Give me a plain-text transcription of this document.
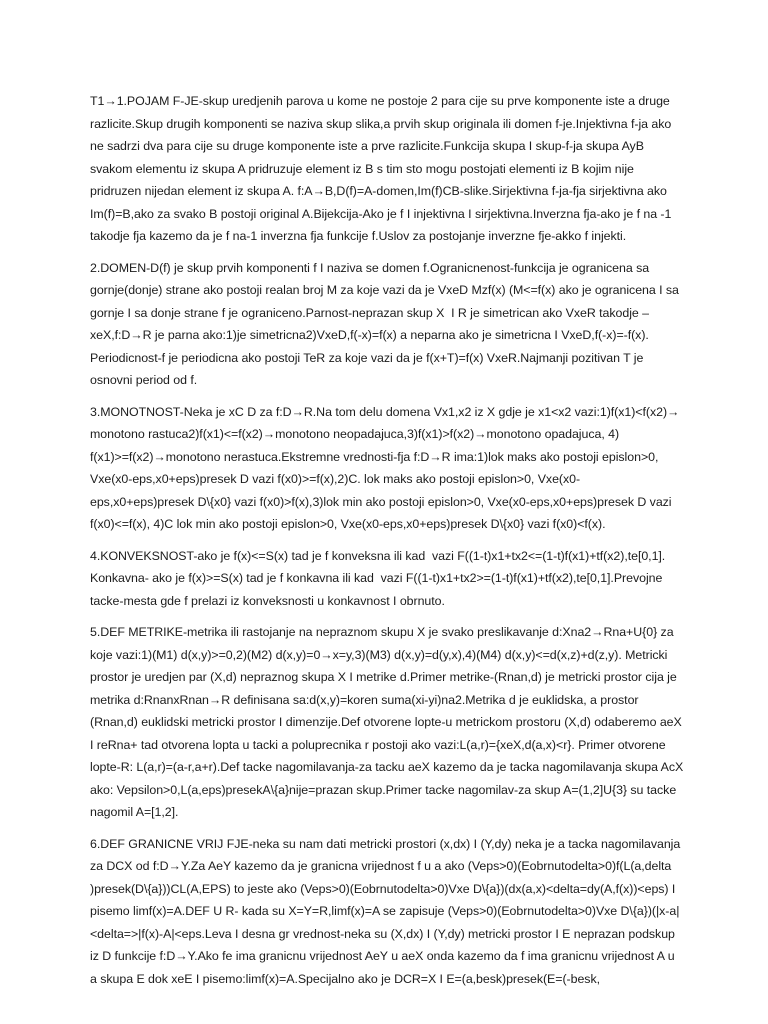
T1→1.POJAM F-JE-skup uredjenih parova u kome ne postoje 2 para cije su prve komponente iste a druge razlicite.Skup drugih komponenti se naziva skup slika,a prvih skup originala ili domen f-je.Injektivna f-ja ako ne sadrzi dva para cije su druge komponente iste a prve razlicite.Funkcija skupa I skup-f-ja skupa AyB svakom elementu iz skupa A pridruzuje element iz B s tim sto mogu postojati elementi iz B kojim nije pridruzen nijedan element iz skupa A. f:A→B,D(f)=A-domen,Im(f)CB-slike.Sirjektivna f-ja-fja sirjektivna ako Im(f)=B,ako za svako B postoji original A.Bijekcija-Ako je f I injektivna I sirjektivna.Inverzna fja-ako je f na -1 takodje fja kazemo da je f na-1 inverzna fja funkcije f.Uslov za postojanje inverzne fje-akko f injekti.

2.DOMEN-D(f) je skup prvih komponenti f I naziva se domen f.Ogranicnenost-funkcija je ogranicena sa gornje(donje) strane ako postoji realan broj M za koje vazi da je VxeD Mzf(x) (M<=f(x) ako je ogranicena I sa gornje I sa donje strane f je ograniceno.Parnost-neprazan skup X  I R je simetrican ako VxeR takodje –xeX,f:D→R je parna ako:1)je simetricna2)VxeD,f(-x)=f(x) a neparna ako je simetricna I VxeD,f(-x)=-f(x). Periodicnost-f je periodicna ako postoji TeR za koje vazi da je f(x+T)=f(x) VxeR.Najmanji pozitivan T je osnovni period od f.

3.MONOTNOST-Neka je xC D za f:D→R.Na tom delu domena Vx1,x2 iz X gdje je x1<x2 vazi:1)f(x1)<f(x2)→ monotono rastuca2)f(x1)<=f(x2)→monotono neopadajuca,3)f(x1)>f(x2)→monotono opadajuca, 4) f(x1)>=f(x2)→monotono nerastuca.Ekstremne vrednosti-fja f:D→R ima:1)lok maks ako postoji epislon>0, Vxe(x0-eps,x0+eps)presek D vazi f(x0)>=f(x),2)C. lok maks ako postoji epislon>0, Vxe(x0-eps,x0+eps)presek D\{x0} vazi f(x0)>f(x),3)lok min ako postoji epislon>0, Vxe(x0-eps,x0+eps)presek D vazi f(x0)<=f(x), 4)C lok min ako postoji epislon>0, Vxe(x0-eps,x0+eps)presek D\{x0} vazi f(x0)<f(x).

4.KONVEKSNOST-ako je f(x)<=S(x) tad je f konveksna ili kad  vazi F((1-t)x1+tx2<=(1-t)f(x1)+tf(x2),te[0,1]. Konkavna- ako je f(x)>=S(x) tad je f konkavna ili kad  vazi F((1-t)x1+tx2>=(1-t)f(x1)+tf(x2),te[0,1].Prevojne tacke-mesta gde f prelazi iz konveksnosti u konkavnost I obrnuto.

5.DEF METRIKE-metrika ili rastojanje na nepraznom skupu X je svako preslikavanje d:Xna2→Rna+U{0} za koje vazi:1)(M1) d(x,y)>=0,2)(M2) d(x,y)=0→x=y,3)(M3) d(x,y)=d(y,x),4)(M4) d(x,y)<=d(x,z)+d(z,y). Metricki prostor je uredjen par (X,d) nepraznog skupa X I metrike d.Primer metrike-(Rnan,d) je metricki prostor cija je metrika d:RnanxRnan→R definisana sa:d(x,y)=koren suma(xi-yi)na2.Metrika d je euklidska, a prostor (Rnan,d) euklidski metricki prostor I dimenzije.Def otvorene lopte-u metrickom prostoru (X,d) odaberemo aeX I reRna+ tad otvorena lopta u tacki a polupreсnika r postoji ako vazi:L(a,r)={xeX,d(a,x)<r}. Primer otvorene lopte-R: L(a,r)=(a-r,a+r).Def tacke nagomilavanja-za tacku aeX kazemo da je tacka nagomilavanja skupa AcX ako: Vepsilon>0,L(a,eps)presekA\{a}nije=prazan skup.Primer tacke nagomilav-za skup A=(1,2]U{3} su tacke nagomil A=[1,2].

6.DEF GRANICNE VRIJ FJE-neka su nam dati metricki prostori (x,dx) I (Y,dy) neka je a tacka nagomilavanja za DCX od f:D→Y.Za AeY kazemo da je granicna vrijednost f u a ako (Veps>0)(Eobrnutodelta>0)f(L(a,delta )presek(D\{a}))CL(A,EPS) to jeste ako (Veps>0)(Eobrnutodelta>0)Vxe D\{a})(dx(a,x)<delta=dy(A,f(x))<eps) I pisemo limf(x)=A.DEF U R- kada su X=Y=R,limf(x)=A se zapisuje (Veps>0)(Eobrnutodelta>0)Vxe D\{a})(|x-a|<delta=>|f(x)-A|<eps.Leva I desna gr vrednost-neka su (X,dx) I (Y,dy) metricki prostor I E neprazan podskup iz D funkcije f:D→Y.Ako fe ima granicnu vrijednost AeY u aeX onda kazemo da f ima granicnu vrijednost A u a skupa E dok xeE I pisemo:limf(x)=A.Specijalno ako je DCR=X I E=(a,besk)presek(E=(-besk,
